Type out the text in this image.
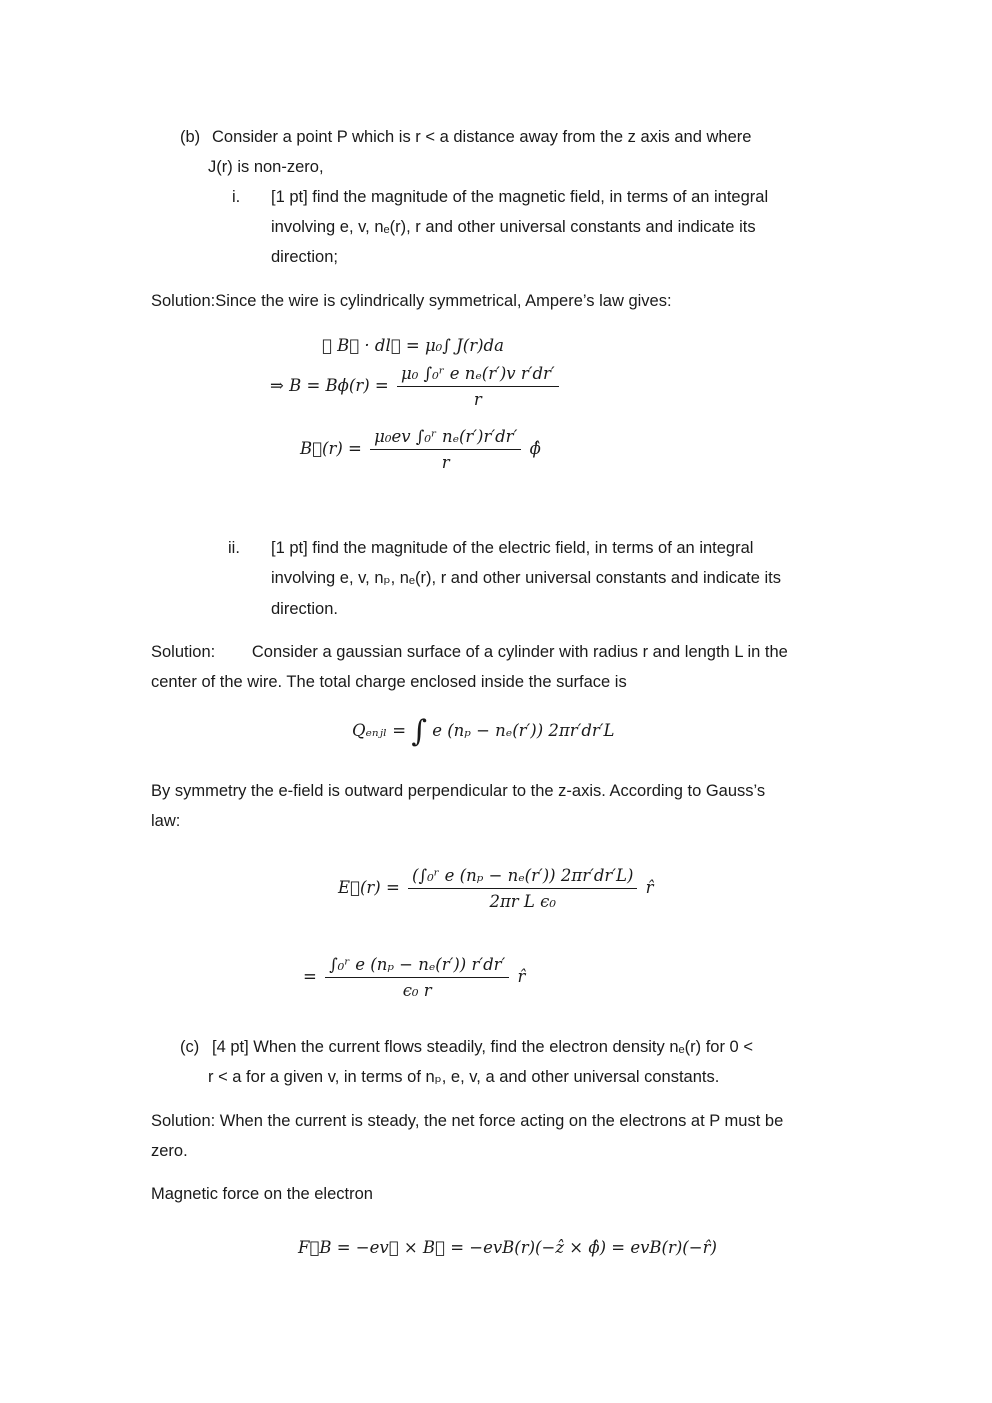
(b) Consider a point P which is r < a distance away from the z axis and where
J(r) is non-zero,
i. [1 pt] find the magnitude of the magnetic field, in terms of an integral
involving e, v, nₑ(r), r and other universal constants and indicate its
direction;
Solution:Since the wire is cylindrically symmetrical, Ampere’s law gives:
∮ B⃗ · dl⃗ = μ₀∫ J(r)da
⇒ $B = B\phi(r) = \frac{\text{μ₀ ∫₀ʳ e nₑ(r′)v r′dr′}}{r}$
B⃗(r) = $\frac{\text{μ₀ev ∫₀ʳ nₑ(r′)r′dr′}}{r}$ ϕ̂
ii. [1 pt] find the magnitude of the electric field, in terms of an integral
involving e, v, nₚ, nₑ(r), r and other universal constants and indicate its
direction.
Solution:        Consider a gaussian surface of a cylinder with radius r and length L in the
center of the wire. The total charge enclosed inside the surface is
Qₑₙⱼₗ = ∫ e (nₚ − nₑ(r′)) 2πr′dr′L
By symmetry the e-field is outward perpendicular to the z-axis. According to Gauss’s
law:
E⃗(r) = $\frac{\text{(∫₀ʳ e (nₚ − nₑ(r′)) 2πr′dr′L)}}{\text{2πr L ϵ₀}}$ r̂
= $\frac{\text{∫₀ʳ e (nₚ − nₑ(r′)) r′dr′}}{\text{ϵ₀ r}}$ r̂
(c) [4 pt] When the current flows steadily, find the electron density nₑ(r) for 0 <
r < a for a given v, in terms of nₚ, e, v, a and other universal constants.
Solution: When the current is steady, the net force acting on the electrons at P must be
zero.
Magnetic force on the electron
F⃗B = −ev⃗ × B⃗ = −evB(r)(−ẑ × ϕ̂) = evB(r)(−r̂)
